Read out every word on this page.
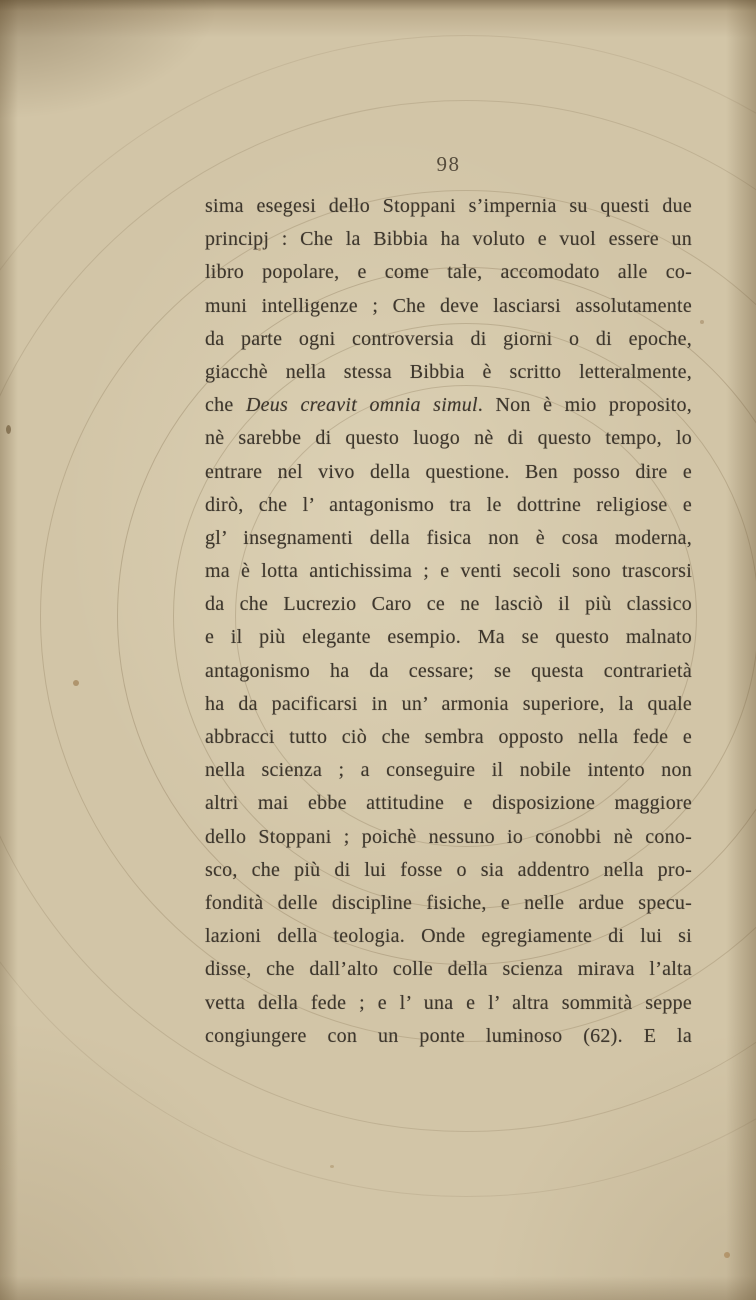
98
sima esegesi dello Stoppani s’impernia su questi due
principj : Che la Bibbia ha voluto e vuol essere un
libro popolare, e come tale, accomodato alle co-
muni intelligenze ; Che deve lasciarsi assolutamente
da parte ogni controversia di giorni o di epoche,
giacchè nella stessa Bibbia è scritto letteralmente,
che Deus creavit omnia simul. Non è mio proposito,
nè sarebbe di questo luogo nè di questo tempo, lo
entrare nel vivo della questione. Ben posso dire e
dirò, che l’ antagonismo tra le dottrine religiose e
gl’ insegnamenti della fisica non è cosa moderna,
ma è lotta antichissima ; e venti secoli sono trascorsi
da che Lucrezio Caro ce ne lasciò il più classico
e il più elegante esempio. Ma se questo malnato
antagonismo ha da cessare; se questa contrarietà
ha da pacificarsi in un’ armonia superiore, la quale
abbracci tutto ciò che sembra opposto nella fede e
nella scienza ; a conseguire il nobile intento non
altri mai ebbe attitudine e disposizione maggiore
dello Stoppani ; poichè nessuno io conobbi nè cono-
sco, che più di lui fosse o sia addentro nella pro-
fondità delle discipline fisiche, e nelle ardue specu-
lazioni della teologia. Onde egregiamente di lui si
disse, che dall’alto colle della scienza mirava l’alta
vetta della fede ; e l’ una e l’ altra sommità seppe
congiungere con un ponte luminoso (62). E la
